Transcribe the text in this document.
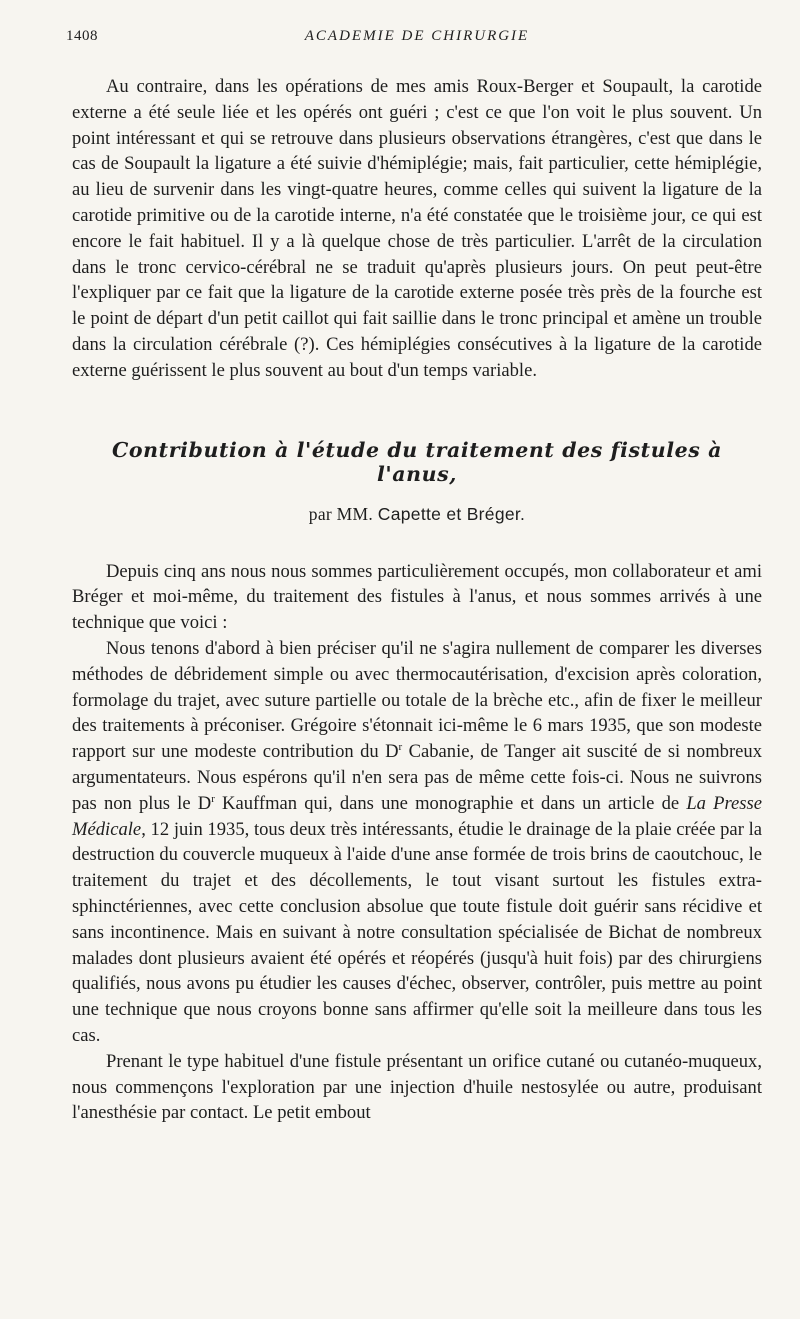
1408	ACADEMIE DE CHIRURGIE

Au contraire, dans les opérations de mes amis Roux-Berger et Soupault, la carotide externe a été seule liée et les opérés ont guéri ; c'est ce que l'on voit le plus souvent. Un point intéressant et qui se retrouve dans plusieurs observations étrangères, c'est que dans le cas de Soupault la ligature a été suivie d'hémiplégie; mais, fait particulier, cette hémiplégie, au lieu de survenir dans les vingt-quatre heures, comme celles qui suivent la ligature de la carotide primitive ou de la carotide interne, n'a été constatée que le troisième jour, ce qui est encore le fait habituel. Il y a là quelque chose de très particulier. L'arrêt de la circulation dans le tronc cervico-cérébral ne se traduit qu'après plusieurs jours. On peut peut-être l'expliquer par ce fait que la ligature de la carotide externe posée très près de la fourche est le point de départ d'un petit caillot qui fait saillie dans le tronc principal et amène un trouble dans la circulation cérébrale (?). Ces hémiplégies consécutives à la ligature de la carotide externe guérissent le plus souvent au bout d'un temps variable.

Contribution à l'étude du traitement des fistules à l'anus,

par MM. Capette et Bréger.

Depuis cinq ans nous nous sommes particulièrement occupés, mon collaborateur et ami Bréger et moi-même, du traitement des fistules à l'anus, et nous sommes arrivés à une technique que voici :

Nous tenons d'abord à bien préciser qu'il ne s'agira nullement de comparer les diverses méthodes de débridement simple ou avec thermocautérisation, d'excision après coloration, formolage du trajet, avec suture partielle ou totale de la brèche etc., afin de fixer le meilleur des traitements à préconiser. Grégoire s'étonnait ici-même le 6 mars 1935, que son modeste rapport sur une modeste contribution du $D^r$ Cabanie, de Tanger ait suscité de si nombreux argumentateurs. Nous espérons qu'il n'en sera pas de même cette fois-ci. Nous ne suivrons pas non plus le $D^r$ Kauffman qui, dans une monographie et dans un article de La Presse Médicale, 12 juin 1935, tous deux très intéressants, étudie le drainage de la plaie créée par la destruction du couvercle muqueux à l'aide d'une anse formée de trois brins de caoutchouc, le traitement du trajet et des décollements, le tout visant surtout les fistules extra-sphinctériennes, avec cette conclusion absolue que toute fistule doit guérir sans récidive et sans incontinence. Mais en suivant à notre consultation spécialisée de Bichat de nombreux malades dont plusieurs avaient été opérés et réopérés (jusqu'à huit fois) par des chirurgiens qualifiés, nous avons pu étudier les causes d'échec, observer, contrôler, puis mettre au point une technique que nous croyons bonne sans affirmer qu'elle soit la meilleure dans tous les cas.

Prenant le type habituel d'une fistule présentant un orifice cutané ou cutanéo-muqueux, nous commençons l'exploration par une injection d'huile nestosylée ou autre, produisant l'anesthésie par contact. Le petit embout
